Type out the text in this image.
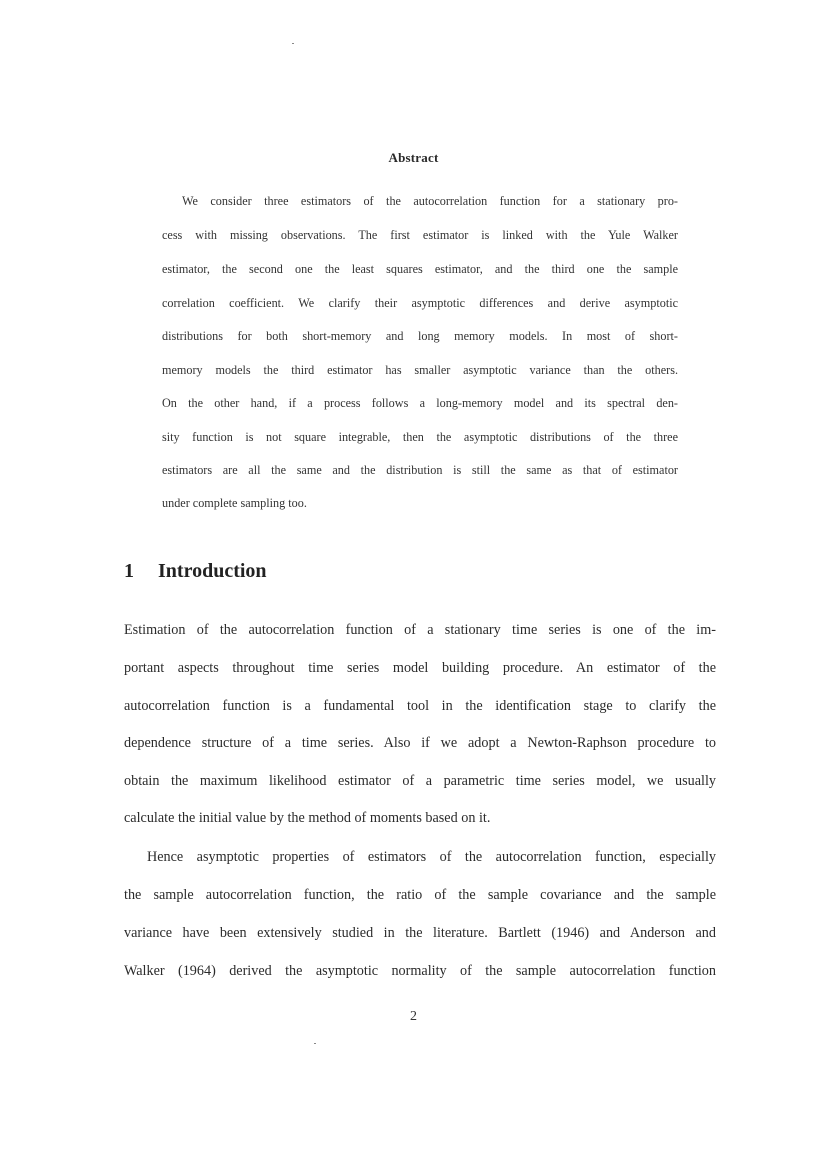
Abstract
We consider three estimators of the autocorrelation function for a stationary pro-
cess with missing observations. The first estimator is linked with the Yule Walker
estimator, the second one the least squares estimator, and the third one the sample
correlation coefficient. We clarify their asymptotic differences and derive asymptotic
distributions for both short-memory and long memory models. In most of short-
memory models the third estimator has smaller asymptotic variance than the others.
On the other hand, if a process follows a long-memory model and its spectral den-
sity function is not square integrable, then the asymptotic distributions of the three
estimators are all the same and the distribution is still the same as that of estimator
under complete sampling too.
1 Introduction
Estimation of the autocorrelation function of a stationary time series is one of the im-
portant aspects throughout time series model building procedure. An estimator of the
autocorrelation function is a fundamental tool in the identification stage to clarify the
dependence structure of a time series. Also if we adopt a Newton-Raphson procedure to
obtain the maximum likelihood estimator of a parametric time series model, we usually
calculate the initial value by the method of moments based on it.
Hence asymptotic properties of estimators of the autocorrelation function, especially
the sample autocorrelation function, the ratio of the sample covariance and the sample
variance have been extensively studied in the literature. Bartlett (1946) and Anderson and
Walker (1964) derived the asymptotic normality of the sample autocorrelation function
2
